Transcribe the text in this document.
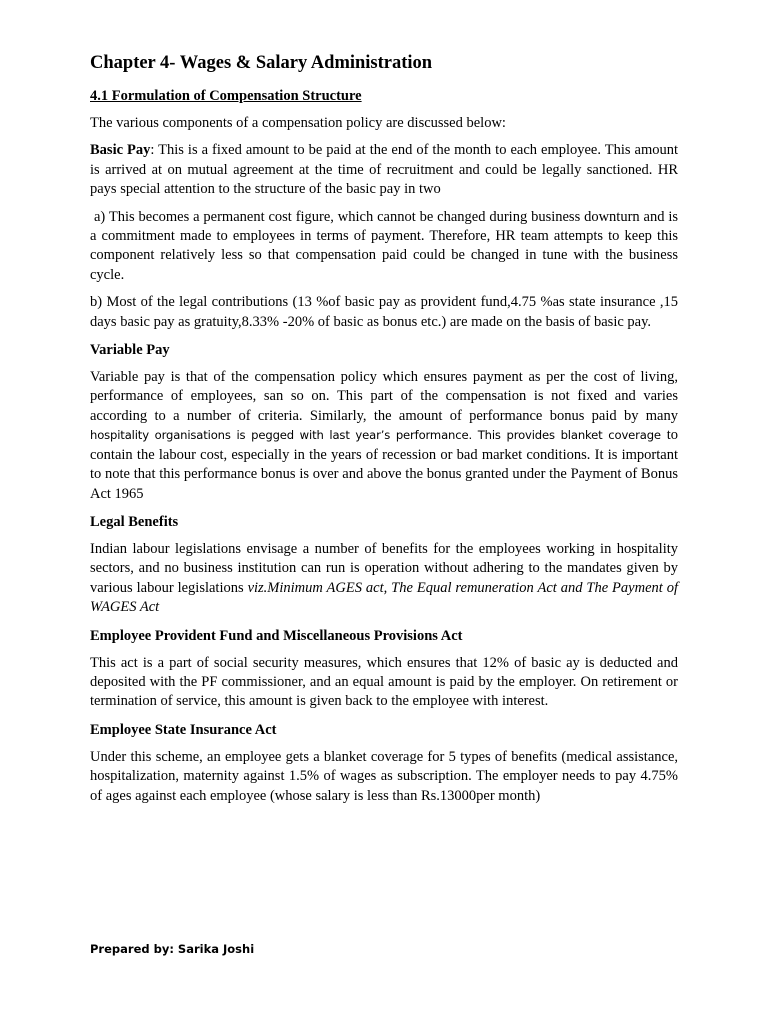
Chapter 4- Wages & Salary Administration
4.1 Formulation of Compensation Structure

The various components of a compensation policy are discussed below:

Basic Pay: This is a fixed amount to be paid at the end of the month to each employee. This amount is arrived at on mutual agreement at the time of recruitment and could be legally sanctioned. HR pays special attention to the structure of the basic pay in two

a) This becomes a permanent cost figure, which cannot be changed during business downturn and is a commitment made to employees in terms of payment. Therefore, HR team attempts to keep this component relatively less so that compensation paid could be changed in tune with the business cycle.

b) Most of the legal contributions (13 %of basic pay as provident fund,4.75 %as state insurance ,15 days basic pay as gratuity,8.33% -20% of basic as bonus etc.) are made on the basis of basic pay.

Variable Pay

Variable pay is that of the compensation policy which ensures payment as per the cost of living, performance of employees, san so on. This part of the compensation is not fixed and varies according to a number of criteria. Similarly, the amount of performance bonus paid by many hospitality organisations is pegged with last year’s performance. This provides blanket coverage to contain the labour cost, especially in the years of recession or bad market conditions. It is important to note that this performance bonus is over and above the bonus granted under the Payment of Bonus Act 1965

Legal Benefits

Indian labour legislations envisage a number of benefits for the employees working in hospitality sectors, and no business institution can run is operation without adhering to the mandates given by various labour legislations viz.Minimum AGES act, The Equal remuneration Act and The Payment of WAGES Act

Employee Provident Fund and Miscellaneous Provisions Act

This act is a part of social security measures, which ensures that 12% of basic ay is deducted and deposited with the PF commissioner, and an equal amount is paid by the employer. On retirement or termination of service, this amount is given back to the employee with interest.

Employee State Insurance Act

Under this scheme, an employee gets a blanket coverage for 5 types of benefits (medical assistance, hospitalization, maternity against 1.5% of wages as subscription. The employer needs to pay 4.75% of ages against each employee (whose salary is less than Rs.13000per month)

Prepared by: Sarika Joshi
